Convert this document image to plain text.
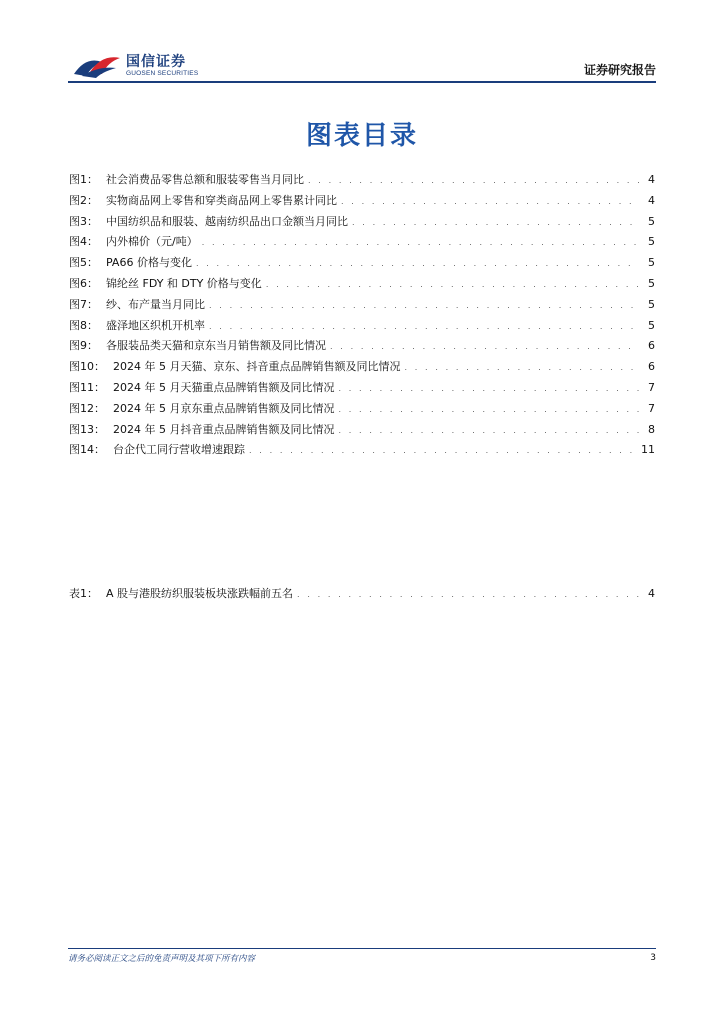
国信证券
GUOSEN SECURITIES	证券研究报告
图表目录
图1： 社会消费品零售总额和服装零售当月同比 . . .	4
图2： 实物商品网上零售和穿类商品网上零售累计同比 . . .	4
图3： 中国纺织品和服装、越南纺织品出口金额当月同比 . . .	5
图4： 内外棉价（元/吨） . . .	5
图5： PA66 价格与变化 . . .	5
图6： 锦纶丝 FDY 和 DTY 价格与变化 . . .	5
图7： 纱、布产量当月同比 . . .	5
图8： 盛泽地区织机开机率 . . .	5
图9： 各服装品类天猫和京东当月销售额及同比情况 . . .	6
图10： 2024 年 5 月天猫、京东、抖音重点品牌销售额及同比情况 . . .	6
图11： 2024 年 5 月天猫重点品牌销售额及同比情况 . . .	7
图12： 2024 年 5 月京东重点品牌销售额及同比情况 . . .	7
图13： 2024 年 5 月抖音重点品牌销售额及同比情况 . . .	8
图14： 台企代工同行营收增速跟踪 . . .	11
表1： A 股与港股纺织服装板块涨跌幅前五名 . . .	4
请务必阅读正文之后的免责声明及其项下所有内容	3
